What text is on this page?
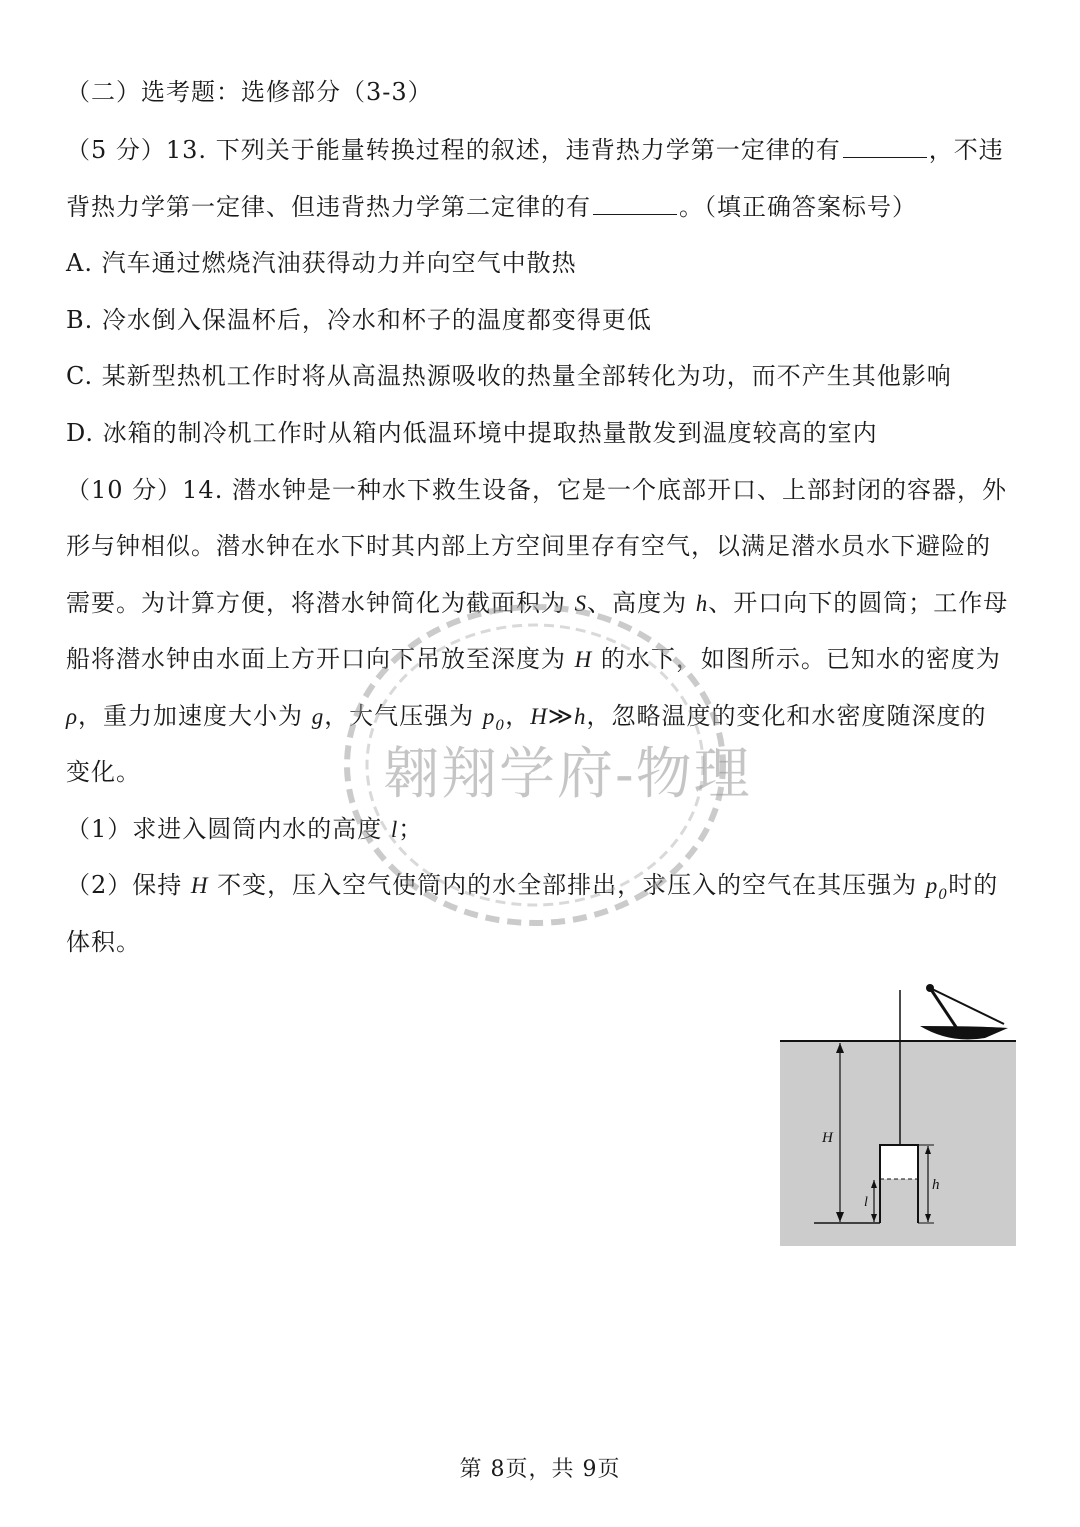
（二）选考题：选修部分（3-3）
（5 分）13. 下列关于能量转换过程的叙述，违背热力学第一定律的有	，不违
背热力学第一定律、但违背热力学第二定律的有	。（填正确答案标号）
A. 汽车通过燃烧汽油获得动力并向空气中散热
B. 冷水倒入保温杯后，冷水和杯子的温度都变得更低
C. 某新型热机工作时将从高温热源吸收的热量全部转化为功，而不产生其他影响
D. 冰箱的制冷机工作时从箱内低温环境中提取热量散发到温度较高的室内
（10 分）14. 潜水钟是一种水下救生设备，它是一个底部开口、上部封闭的容器，外
形与钟相似。潜水钟在水下时其内部上方空间里存有空气，以满足潜水员水下避险的
需要。为计算方便，将潜水钟简化为截面积为 S、高度为 h、开口向下的圆筒；工作母
船将潜水钟由水面上方开口向下吊放至深度为 H 的水下，如图所示。已知水的密度为
ρ，重力加速度大小为 g，大气压强为 $p_0$，H≫h，忽略温度的变化和水密度随深度的
变化。
（1）求进入圆筒内水的高度 l；
（2）保持 H 不变，压入空气使筒内的水全部排出，求压入的空气在其压强为 $p_0$时的
体积。
翱翔学府-物理
H
l
h
第 8页，共 9页
